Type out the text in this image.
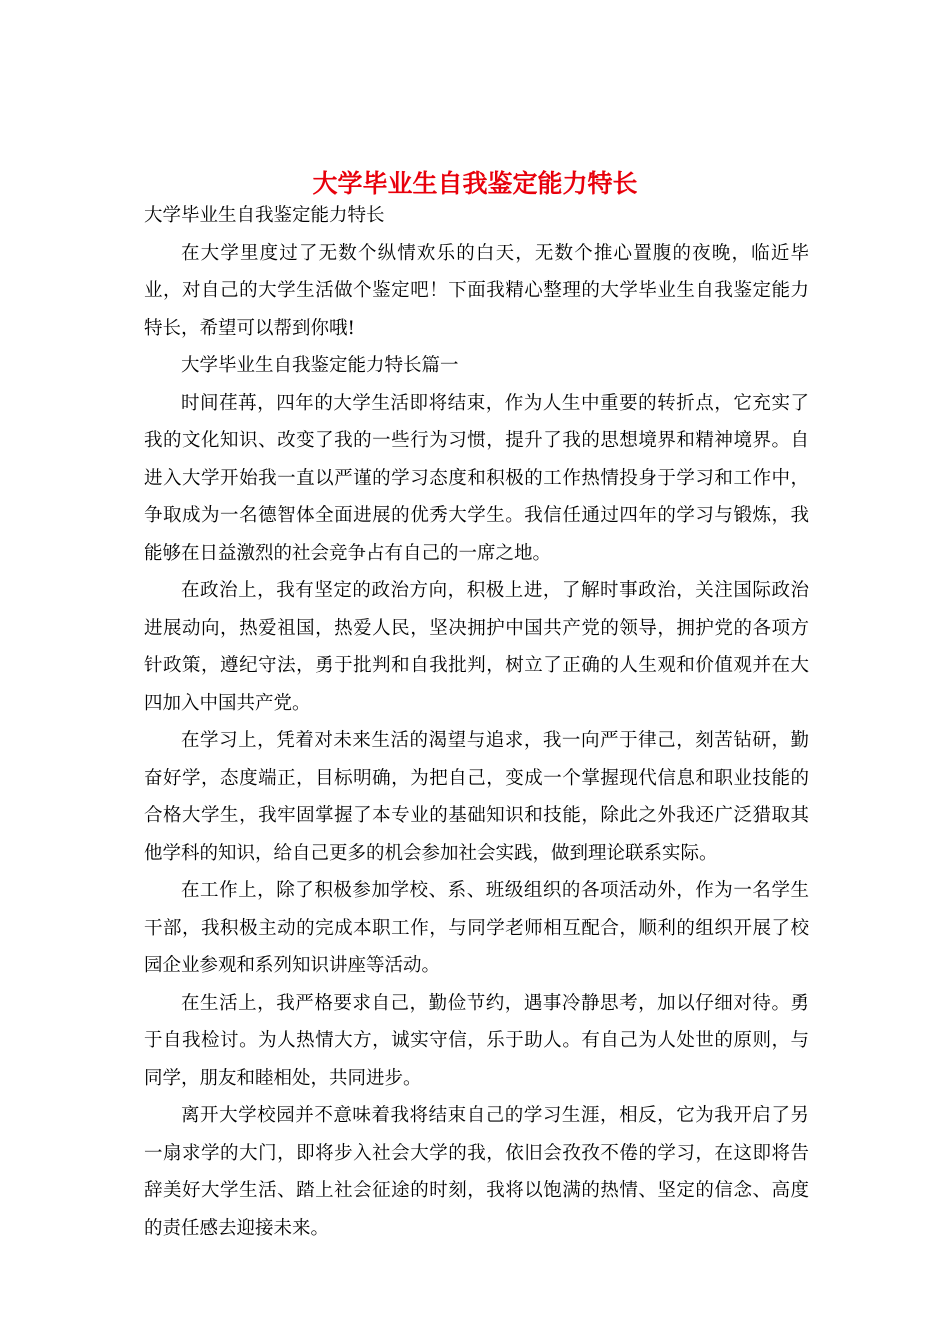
大学毕业生自我鉴定能力特长

大学毕业生自我鉴定能力特长

在大学里度过了无数个纵情欢乐的白天，无数个推心置腹的夜晚，临近毕业，对自己的大学生活做个鉴定吧！下面我精心整理的大学毕业生自我鉴定能力特长，希望可以帮到你哦!

大学毕业生自我鉴定能力特长篇一

时间荏苒，四年的大学生活即将结束，作为人生中重要的转折点，它充实了我的文化知识、改变了我的一些行为习惯，提升了我的思想境界和精神境界。自进入大学开始我一直以严谨的学习态度和积极的工作热情投身于学习和工作中，争取成为一名德智体全面进展的优秀大学生。我信任通过四年的学习与锻炼，我能够在日益激烈的社会竞争占有自己的一席之地。

在政治上，我有坚定的政治方向，积极上进，了解时事政治，关注国际政治进展动向，热爱祖国，热爱人民，坚决拥护中国共产党的领导，拥护党的各项方针政策，遵纪守法，勇于批判和自我批判，树立了正确的人生观和价值观并在大四加入中国共产党。

在学习上，凭着对未来生活的渴望与追求，我一向严于律己，刻苦钻研，勤奋好学，态度端正，目标明确，为把自己，变成一个掌握现代信息和职业技能的合格大学生，我牢固掌握了本专业的基础知识和技能，除此之外我还广泛猎取其他学科的知识，给自己更多的机会参加社会实践，做到理论联系实际。

在工作上，除了积极参加学校、系、班级组织的各项活动外，作为一名学生干部，我积极主动的完成本职工作，与同学老师相互配合，顺利的组织开展了校园企业参观和系列知识讲座等活动。

在生活上，我严格要求自己，勤俭节约，遇事冷静思考，加以仔细对待。勇于自我检讨。为人热情大方，诚实守信，乐于助人。有自己为人处世的原则，与同学，朋友和睦相处，共同进步。

离开大学校园并不意味着我将结束自己的学习生涯，相反，它为我开启了另一扇求学的大门，即将步入社会大学的我，依旧会孜孜不倦的学习，在这即将告辞美好大学生活、踏上社会征途的时刻，我将以饱满的热情、坚定的信念、高度的责任感去迎接未来。
